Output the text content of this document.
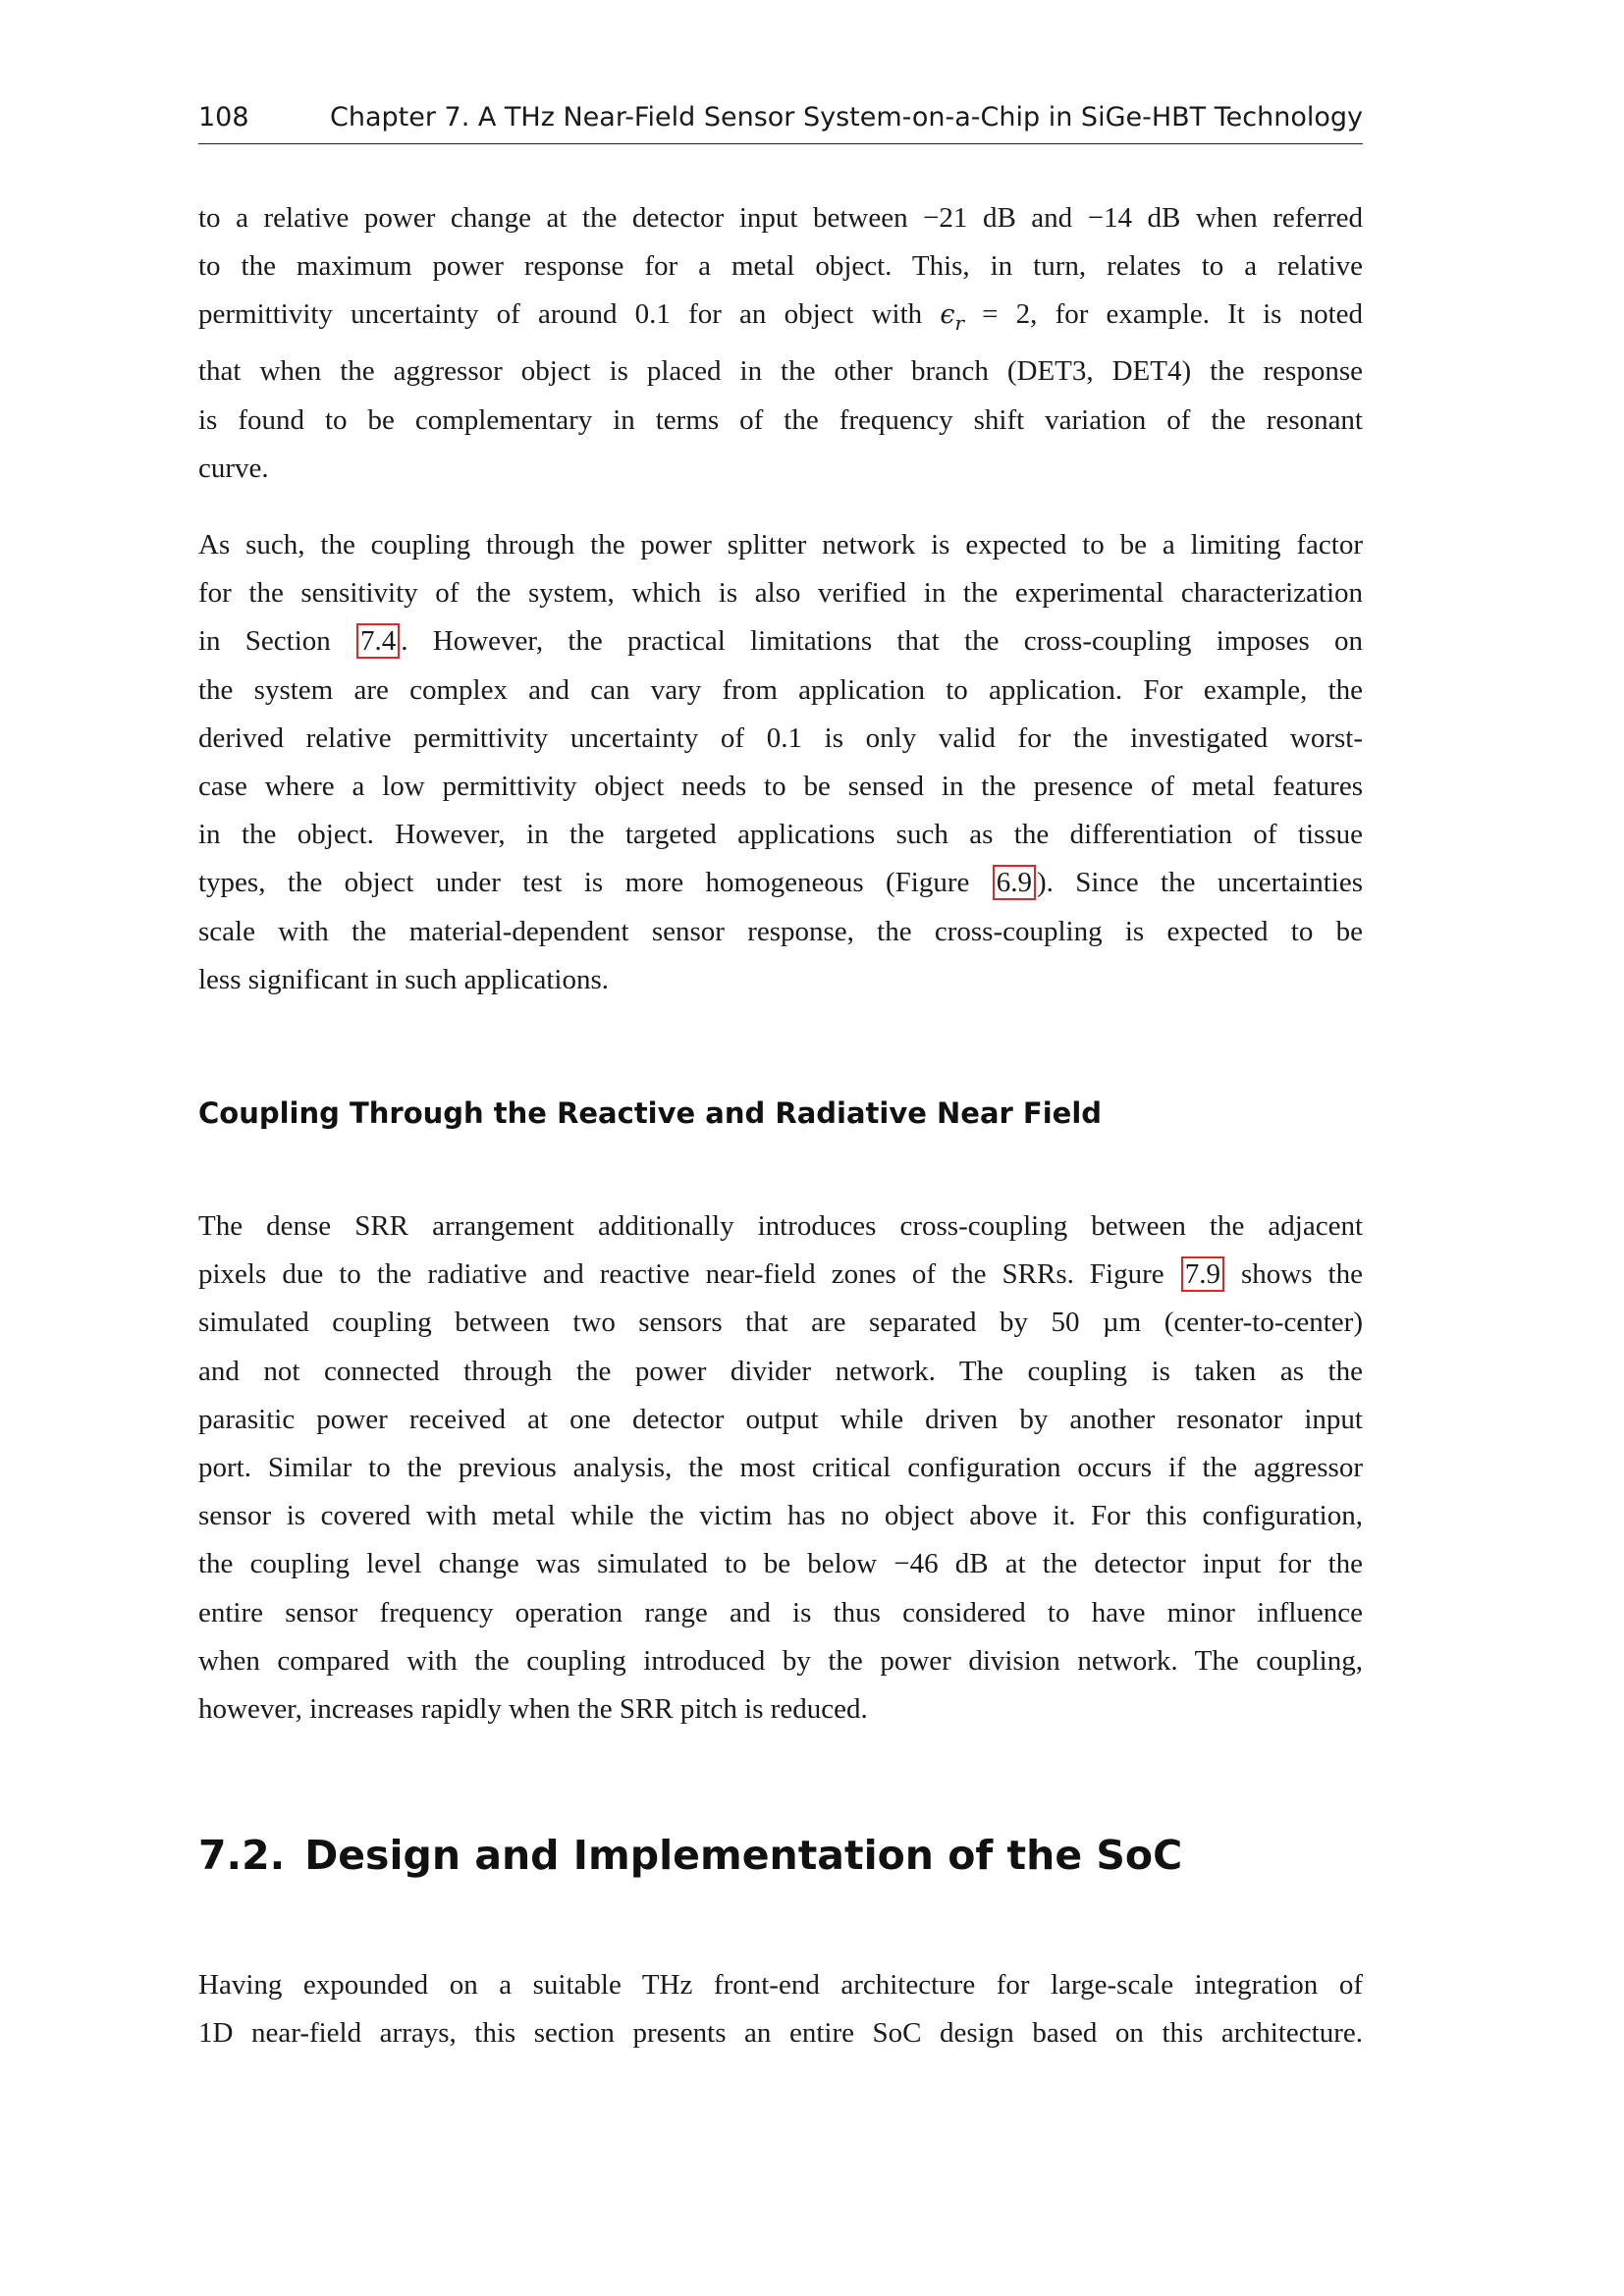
108	Chapter 7. A THz Near-Field Sensor System-on-a-Chip in SiGe-HBT Technology

to a relative power change at the detector input between −21 dB and −14 dB when referred
to the maximum power response for a metal object. This, in turn, relates to a relative
permittivity uncertainty of around 0.1 for an object with $\epsilon_r = 2$, for example. It is noted
that when the aggressor object is placed in the other branch (DET3, DET4) the response
is found to be complementary in terms of the frequency shift variation of the resonant
curve.

As such, the coupling through the power splitter network is expected to be a limiting factor
for the sensitivity of the system, which is also verified in the experimental characterization
in Section 7.4 . However, the practical limitations that the cross-coupling imposes on
the system are complex and can vary from application to application. For example, the
derived relative permittivity uncertainty of 0.1 is only valid for the investigated worst-
case where a low permittivity object needs to be sensed in the presence of metal features
in the object. However, in the targeted applications such as the differentiation of tissue
types, the object under test is more homogeneous (Figure 6.9 ). Since the uncertainties
scale with the material-dependent sensor response, the cross-coupling is expected to be
less significant in such applications.

Coupling Through the Reactive and Radiative Near Field

The dense SRR arrangement additionally introduces cross-coupling between the adjacent
pixels due to the radiative and reactive near-field zones of the SRRs. Figure 7.9 shows the
simulated coupling between two sensors that are separated by 50 µm (center-to-center)
and not connected through the power divider network. The coupling is taken as the
parasitic power received at one detector output while driven by another resonator input
port. Similar to the previous analysis, the most critical configuration occurs if the aggressor
sensor is covered with metal while the victim has no object above it. For this configuration,
the coupling level change was simulated to be below −46 dB at the detector input for the
entire sensor frequency operation range and is thus considered to have minor influence
when compared with the coupling introduced by the power division network. The coupling,
however, increases rapidly when the SRR pitch is reduced.

7.2. Design and Implementation of the SoC

Having expounded on a suitable THz front-end architecture for large-scale integration of
1D near-field arrays, this section presents an entire SoC design based on this architecture.
